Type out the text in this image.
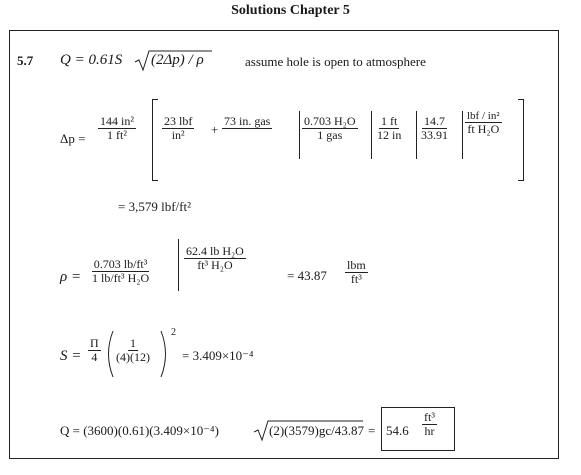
Solutions Chapter 5
5.7 Q = 0.61S (2Δp) / ρ	assume hole is open to atmosphere
$\Delta p = \frac{\text{144 in²}}{\text{1 ft²}} 23$ lbf
in² +
73 in. gas
	0.703 H₂O
1 gas	$\frac{1 ft}{12 in} \frac{14.7}{33.91}$ lbf / in²
ft H₂O
= 3,579 lbf/ft²
$\rho = \frac{\text{0.703 lb/ft³}}{\text{1 lb/ft³ H₂O}}$	$\frac{\text{62.4 lb H₂O}}{\text{ft³ H₂O}}$
= 43.87
lbm
ft³
$S = \frac{\Pi}{4} \frac{1}{(4)(12)}$
2
= 3.409×10⁻⁴
Q = (3600)(0.61)(3.409×10⁻⁴)	$(2)(3579)gc/43.87 = 54.6 \frac{\text{ft³}}{hr}$
